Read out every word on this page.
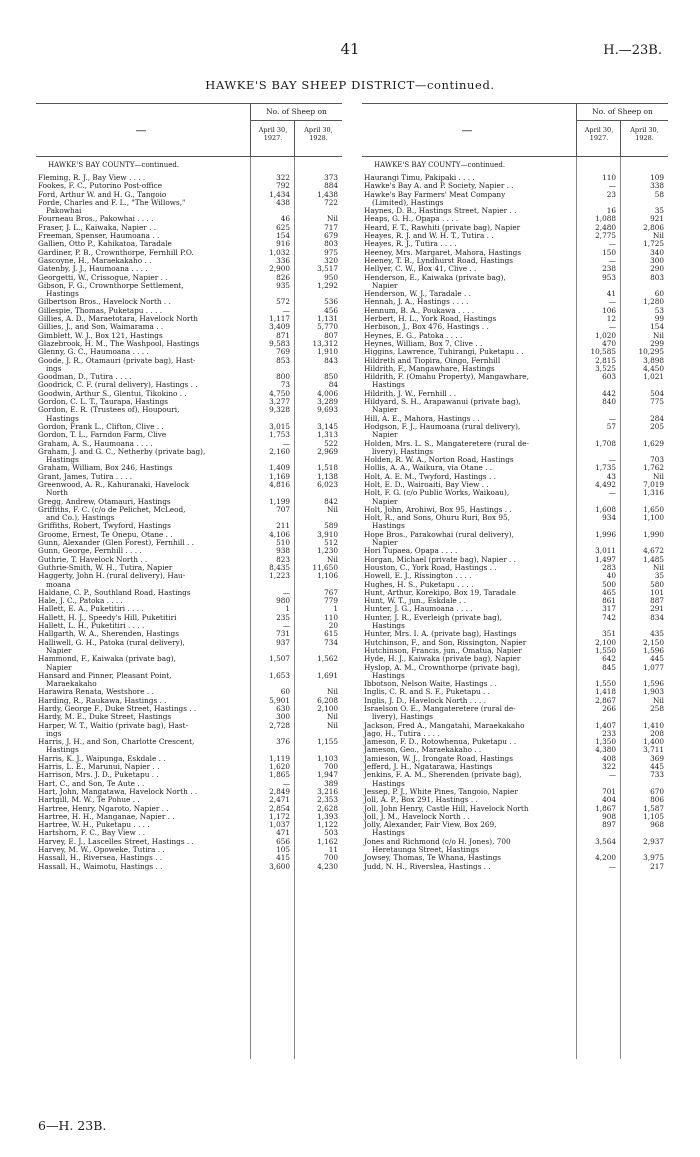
41	H.—23B.
HAWKE'S BAY SHEEP DISTRICT—continued.
—
No. of Sheep on
April 30, 1927.
April 30, 1928.
HAWKE'S BAY COUNTY—continued.
Fleming, R. J., Bay View . . . .	322	373
Fookes, F. C., Putorino Post-office	792	884
Ford, Arthur W. and H. G., Tangoio	1,434	1,438
Forde, Charles and F. L., "The Willows,"	438	722
Pakowhai
Fourneau Bros., Pakowhai . . . .	46	Nil
Fraser, J. L., Kaiwaka, Napier . .	625	717
Freeman, Spenser, Haumoana . .	154	679
Gallien, Otto P., Kahikatoa, Taradale	916	803
Gardiner, P. B., Crownthorpe, Fernhill P.O.	1,032	975
Gascoyne, H., Maraekakaho . .	336	320
Gatenby, J. J., Haumoana . . . .	2,900	3,517
Georgetti, W., Crissogue, Napier . .	826	950
Gibson, F. G., Crownthorpe Settlement,	935	1,292
Hastings
Gilbertson Bros., Havelock North . .	572	536
Gillespie, Thomas, Puketapu . . . .	—	456
Gillies, A. D., Maraetotara, Havelock North	1,117	1,131
Gillies, J., and Son, Waimarama . .	3,409	5,770
Gimblett, W. J., Box 121, Hastings	871	807
Glazebrook, H. M., The Washpool, Hastings	9,583	13,312
Glenny, G. C., Haumoana . . . .	769	1,910
Goode, J. R., Otamauri (private bag), Hast-	853	843
ings
Goodman, D., Tutira . . . .	800	850
Goodrick, C. F. (rural delivery), Hastings . .	73	84
Goodwin, Arthur S., Glentui, Tikokino . .	4,750	4,006
Gordon, C. L. T., Taurapa, Hastings	3,277	3,289
Gordon, E. R. (Trustees of), Houpouri,	9,328	9,693
Hastings
Gordon, Frank L., Clifton, Clive . .	3,015	3,145
Gordon, T. L., Farndon Farm, Clive	1,753	1,313
Graham, A. S., Haumoana . . . .	—	522
Graham, J. and G. C., Netherby (private bag),	2,160	2,969
Hastings
Graham, William, Box 246, Hastings	1,409	1,518
Grant, James, Tutira . . . .	1,169	1,138
Greenwood, A. R., Kahuranaki, Havelock	4,816	6,023
North
Gregg, Andrew, Otamauri, Hastings	1,199	842
Griffiths, F. C. (c/o de Pelichet, McLeod,	707	Nil
and Co.), Hastings
Griffiths, Robert, Twyford, Hastings	211	589
Groome, Ernest, Te Onepu, Otane . .	4,106	3,910
Gunn, Alexander (Glen Forest), Fernhill . .	510	512
Gunn, George, Fernhill . . . .	938	1,230
Guthrie, T. Havelock North . .	823	Nil
Guthrie-Smith, W. H., Tutira, Napier	8,435	11,650
Haggerty, John H. (rural delivery), Hau-	1,223	1,106
moana
Haldane, C. P., Southland Road, Hastings	—	767
Hale, J. C., Patoka . . . .	980	779
Hallett, E. A., Puketitiri . . . .	1	1
Hallett, H. J., Speedy's Hill, Puketitiri	235	110
Hallett, L. H., Puketitiri . . . .	—	20
Hallgarth, W. A., Sherenden, Hastings	731	615
Halliwell, G. H., Patoka (rural delivery),	937	734
Napier
Hammond, F., Kaiwaka (private bag),	1,507	1,562
Napier
Hansard and Pinner, Pleasant Point,	1,653	1,691
Maraekakaho
Harawira Renata, Westshore . .	60	Nil
Harding, R., Raukawa, Hastings . .	5,901	6,208
Hardy, George F., Duke Street, Hastings . .	630	2,100
Hardy, M. E., Duke Street, Hastings	300	Nil
Harper, W. T., Waitio (private bag), Hast-	2,728	Nil
ings
Harris, J. H., and Son, Charlotte Crescent,	376	1,155
Hastings
Harris, K. J., Waipunga, Eskdale . .	1,119	1,103
Harris, L. E., Marunui, Napier . .	1,620	700
Harrison, Mrs. J. D., Puketapu . .	1,865	1,947
Hart, C., and Son, Te Aute . .	—	389
Hart, John, Mangatawa, Havelock North . .	2,849	3,216
Hartgill, M. W., Te Pohue . .	2,471	2,353
Hartree, Henry, Ngaroto, Napier . .	2,854	2,628
Hartree, H. H., Manganae, Napier . .	1,172	1,393
Hartree, W. H., Puketapu . . . .	1,037	1,122
Hartshorn, F. C., Bay View . .	471	503
Harvey, E. J., Lascelles Street, Hastings . .	656	1,162
Harvey, M. W., Opoweke, Tutira . .	105	11
Hassall, H., Riversea, Hastings . .	415	700
Hassall, H., Waimotu, Hastings . .	3,600	4,230
—
No. of Sheep on
April 30, 1927.
April 30, 1928.
HAWKE'S BAY COUNTY—continued.
Haurangi Timu, Pakipaki . . . .	110	109
Hawke's Bay A. and P. Society, Napier . .	—	338
Hawke's Bay Farmers' Meat Company	23	58
(Limited), Hastings
Haynes, D. B., Hastings Street, Napier . .	16	35
Heaps, G. H., Opapa . . . .	1,088	921
Heard, F. T., Rawhiti (private bag), Napier	2,480	2,806
Heayes, R. J. and W. H. T., Tutira . .	2,775	Nil
Heayes, R. J., Tutira . . . .	—	1,725
Heeney, Mrs. Margaret, Mahora, Hastings	150	340
Heeney, T. B., Lyndhurst Road, Hastings	—	300
Hellyer, C. W., Box 41, Clive . .	238	290
Henderson, E., Kaiwaka (private bag),	953	803
Napier
Henderson, W. J., Taradale . .	41	60
Hennah, J. A., Hastings . . . .	—	1,280
Hennum, B. A., Poukawa . . . .	106	53
Herbert, H. L., York Road, Hastings	12	99
Herbison, J., Box 476, Hastings . .	—	154
Heynes, E. G., Patoka . . . .	1,020	Nil
Heynes, William, Box 7, Clive . .	470	299
Higgins, Lawrence, Tuhirangi, Puketapu . .	10,585	10,295
Hildreth and Tiopira, Oingo, Fernhill	2,815	3,898
Hildrith, F., Mangawhare, Hastings	3,525	4,450
Hildrith, F. (Omahu Property), Mangawhare,	603	1,021
Hastings
Hildrith, J. W., Fernhill . .	442	504
Hildyard, S. H., Arapawanui (private bag),	840	775
Napier
Hill, A. E., Mahora, Hastings . .	—	284
Hodgson, F. J., Haumoana (rural delivery),	57	205
Napier
Holden, Mrs. L. S., Mangateretere (rural de-	1,708	1,629
livery), Hastings
Holden, R. W. A., Norton Road, Hastings	—	703
Hollis, A. A., Waikura, via Otane . .	1,735	1,762
Holt, A. E. M., Twyford, Hastings . .	43	Nil
Holt, E. D., Wairoaiti, Bay View . .	4,492	7,019
Holt, F. G. (c/o Public Works, Waikoau),	—	1,316
Napier
Holt, John, Arohiwi, Box 95, Hastings . .	1,608	1,650
Holt, R., and Sons, Ohuru Ruri, Box 95,	934	1,100
Hastings
Hope Bros., Parakowhai (rural delivery),	1,996	1,990
Napier
Hori Tupaea, Opapa . . . .	3,011	4,672
Horgan, Michael (private bag), Napier . .	1,497	1,485
Houston, C., York Road, Hastings . .	283	Nil
Howell, E. J., Rissington . . . .	40	35
Hughes, H. S., Puketapu . . . .	500	580
Hunt, Arthur, Korekipo, Box 19, Taradale	465	101
Hunt, W. T., jun., Eskdale . .	861	887
Hunter, J. G., Haumoana . . . .	317	291
Hunter, J. R., Everleigh (private bag),	742	834
Hastings
Hunter, Mrs. I. A. (private bag), Hastings	351	435
Hutchinson, F., and Son, Rissington, Napier	2,100	2,150
Hutchinson, Francis, jun., Omatua, Napier	1,550	1,596
Hyde, H. J., Kaiwaka (private bag), Napier	642	445
Hyslop, A. M., Crownthorpe (private bag),	845	1,077
Hastings
Ibbotson, Nelson Waite, Hastings . .	1,550	1,596
Inglis, C. R. and S. F., Puketapu . .	1,418	1,903
Inglis, J. D., Havelock North . . . .	2,867	Nil
Israelson O. E., Mangateretere (rural de-	266	258
livery), Hastings
Jackson, Fred A., Mangatahi, Maraekakaho	1,407	1,410
Jago, H., Tutira . . . .	233	208
Jameson, F. D., Rotowhenua, Puketapu . .	1,350	1,400
Jameson, Geo., Maraekakaho . .	4,380	3,711
Jamieson, W. J., Irongate Road, Hastings	408	369
Jefferd, J. H., Ngatarawa, Hastings	322	445
Jenkins, F. A. M., Sherenden (private bag),	—	733
Hastings
Jessep, P. J., White Pines, Tangoio, Napier	701	670
Joll, A. P., Box 291, Hastings . .	404	806
Joll, John Henry, Castle Hill, Havelock North	1,867	1,587
Joll, J. M., Havelock North . .	908	1,105
Jolly, Alexander, Fair View, Box 269,	897	968
Hastings
Jones and Richmond (c/o H. Jones), 700	3,564	2,937
Heretaunga Street, Hastings
Jowsey, Thomas, Te Whana, Hastings	4,200	3,975
Judd, N. H., Riverslea, Hastings . .	—	217
6—H. 23B.
